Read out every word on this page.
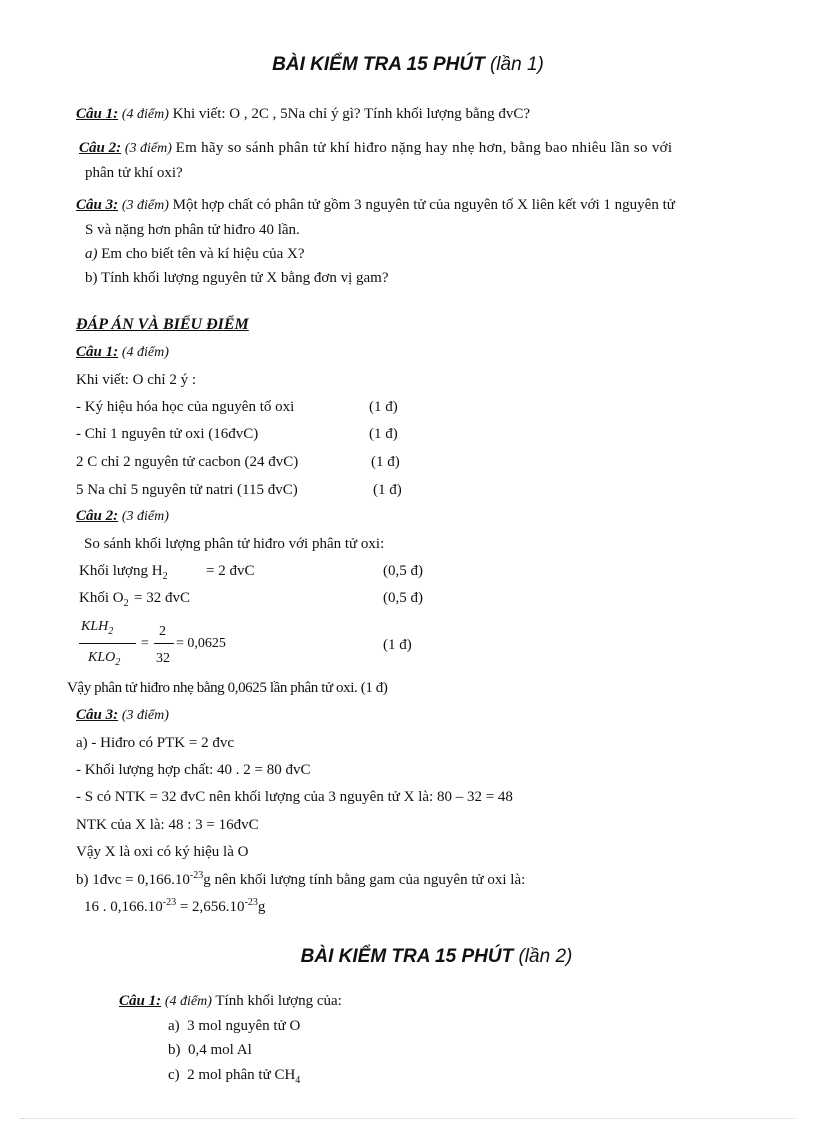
BÀI KIỂM TRA 15 PHÚT (lần 1)
Câu 1: (4 điểm) Khi viết: O , 2C , 5Na chỉ ý gì? Tính khối lượng bằng đvC?
Câu 2: (3 điểm) Em hãy so sánh phân tử khí hiđro nặng hay nhẹ hơn, bằng bao nhiêu lần so với
phân tử khí oxi?
Câu 3: (3 điểm) Một hợp chất có phân tử gồm 3 nguyên tử của nguyên tố X liên kết với 1 nguyên tử
S và nặng hơn phân tử hiđro 40 lần.
a) Em cho biết tên và kí hiệu của X?
b) Tính khối lượng nguyên tử X bằng đơn vị gam?
ĐÁP ÁN VÀ BIỂU ĐIỂM
Câu 1: (4 điểm)
Khi viết: O chỉ 2 ý :
- Ký hiệu hóa học của nguyên tố oxi	(1 đ)
- Chỉ 1 nguyên tử oxi (16đvC)	(1 đ)
2 C chỉ 2 nguyên tử cacbon (24 đvC)	(1 đ)
5 Na chỉ 5 nguyên tử natri (115 đvC)	(1 đ)
Câu 2: (3 điểm)
So sánh khối lượng phân tử hiđro với phân tử oxi:
Khối lượng $H_2$	= 2 đvC	(0,5 đ)
Khối $O_2 = 32$ đvC	(0,5 đ)
$KLH_2$
$KLO_2$
=
2
32
= 0,0625	(1 đ)
Vậy phân tử hiđro nhẹ bằng 0,0625 lần phân tử oxi. (1 đ)
Câu 3: (3 điểm)
a) - Hiđro có PTK = 2 đvc
- Khối lượng hợp chất: 40 . 2 = 80 đvC
- S có NTK = 32 đvC nên khối lượng của 3 nguyên tử X là: 80 – 32 = 48
NTK của X là: 48 : 3 = 16đvC
Vậy X là oxi có ký hiệu là O
b) 1đvc = $0,166.10^{-23}g$ nên khối lượng tính bằng gam của nguyên tử oxi là:
16 . $0,166.10^{-23} = 2,656.10^{-23}g$
BÀI KIỂM TRA 15 PHÚT (lần 2)
Câu 1: (4 điểm) Tính khối lượng của:
a) 3 mol nguyên tử O
b) 0,4 mol Al
c) 2 mol phân tử $CH_4$
